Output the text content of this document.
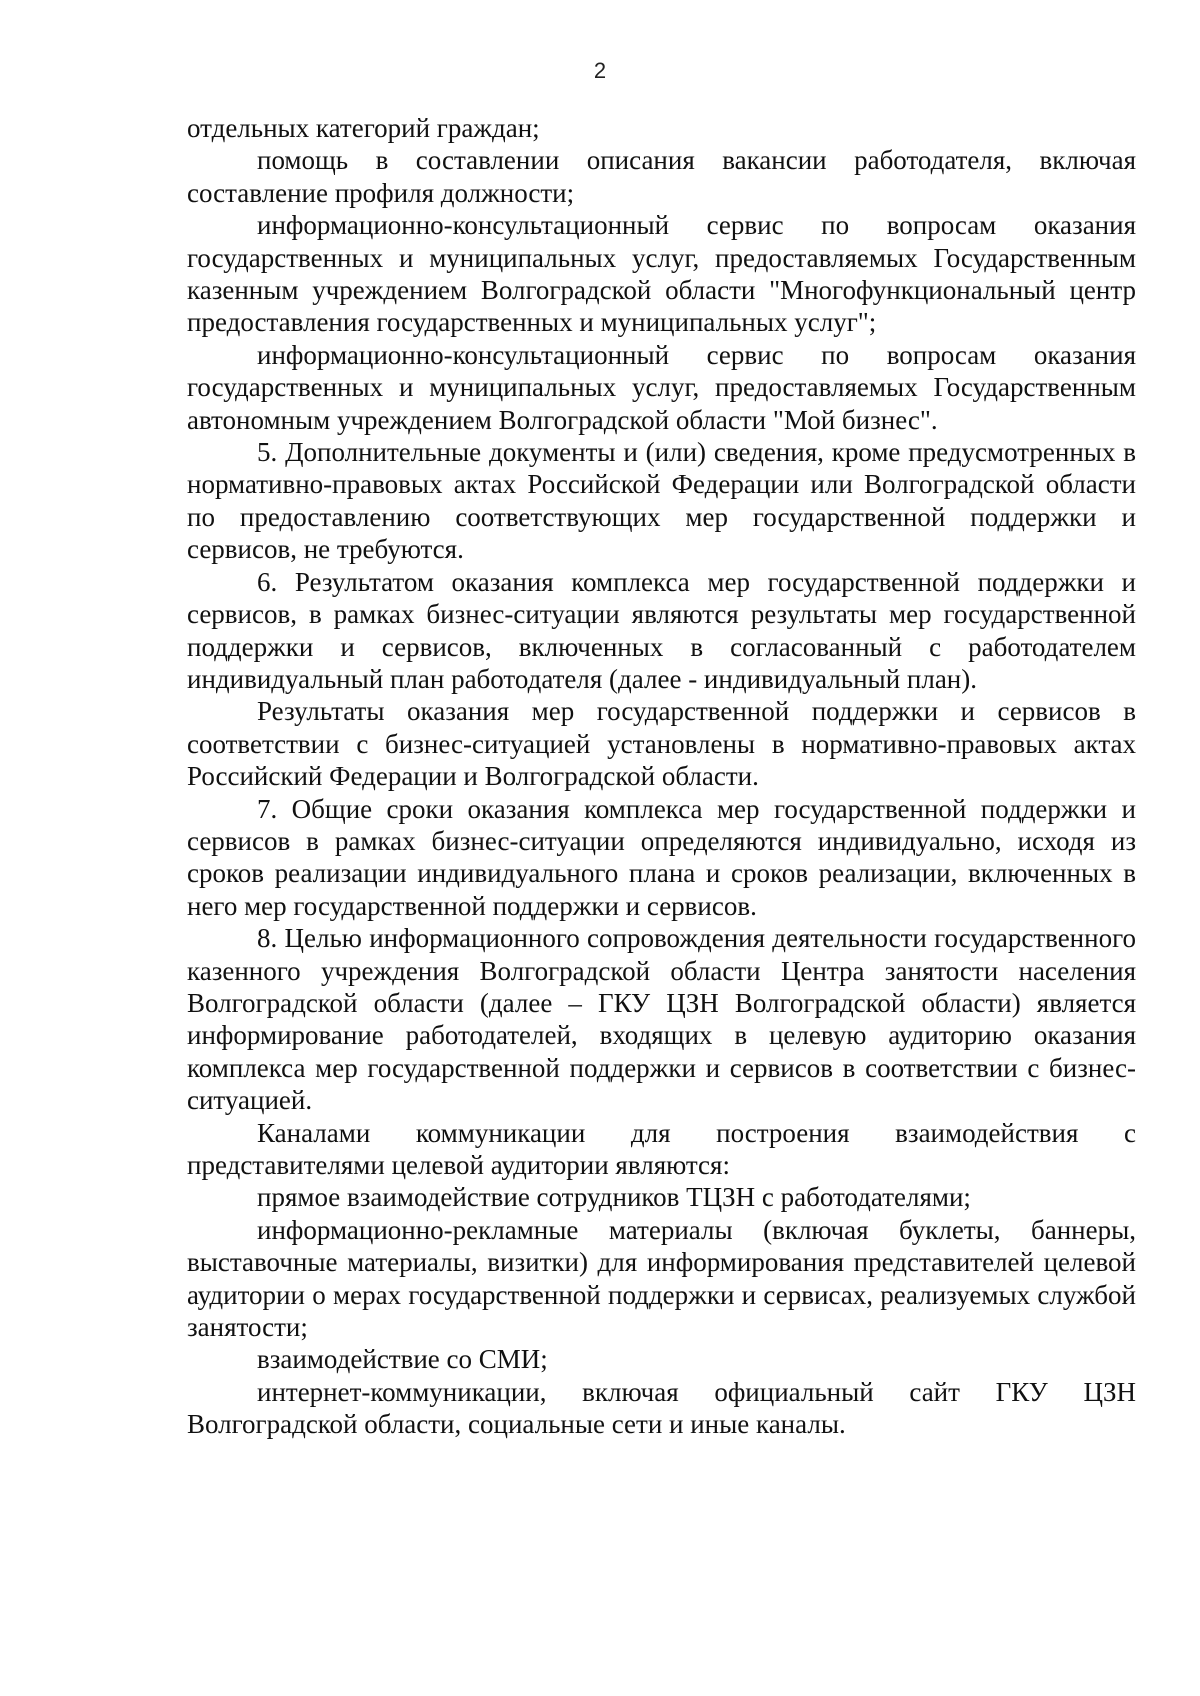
2

отдельных категорий граждан;

помощь в составлении описания вакансии работодателя, включая составление профиля должности;

информационно-консультационный сервис по вопросам оказания государственных и муниципальных услуг, предоставляемых Государственным казенным учреждением Волгоградской области "Многофункциональный центр предоставления государственных и муниципальных услуг";

информационно-консультационный сервис по вопросам оказания государственных и муниципальных услуг, предоставляемых Государственным автономным учреждением Волгоградской области "Мой бизнес".

5. Дополнительные документы и (или) сведения, кроме предусмотренных в нормативно-правовых актах Российской Федерации или Волгоградской области по предоставлению соответствующих мер государственной поддержки и сервисов, не требуются.

6. Результатом оказания комплекса мер государственной поддержки и сервисов, в рамках бизнес-ситуации являются результаты мер государственной поддержки и сервисов, включенных в согласованный с работодателем индивидуальный план работодателя (далее - индивидуальный план).

Результаты оказания мер государственной поддержки и сервисов в соответствии с бизнес-ситуацией установлены в нормативно-правовых актах Российский Федерации и Волгоградской области.

7. Общие сроки оказания комплекса мер государственной поддержки и сервисов в рамках бизнес-ситуации определяются индивидуально, исходя из сроков реализации индивидуального плана и сроков реализации, включенных в него мер государственной поддержки и сервисов.

8. Целью информационного сопровождения деятельности государственного казенного учреждения Волгоградской области Центра занятости населения Волгоградской области (далее – ГКУ ЦЗН Волгоградской области) является информирование работодателей, входящих в целевую аудиторию оказания комплекса мер государственной поддержки и сервисов в соответствии с бизнес-ситуацией.

Каналами коммуникации для построения взаимодействия с представителями целевой аудитории являются:

прямое взаимодействие сотрудников ТЦЗН с работодателями;

информационно-рекламные материалы (включая буклеты, баннеры, выставочные материалы, визитки) для информирования представителей целевой аудитории о мерах государственной поддержки и сервисах, реализуемых службой занятости;

взаимодействие со СМИ;

интернет-коммуникации, включая официальный сайт ГКУ ЦЗН Волгоградской области, социальные сети и иные каналы.
